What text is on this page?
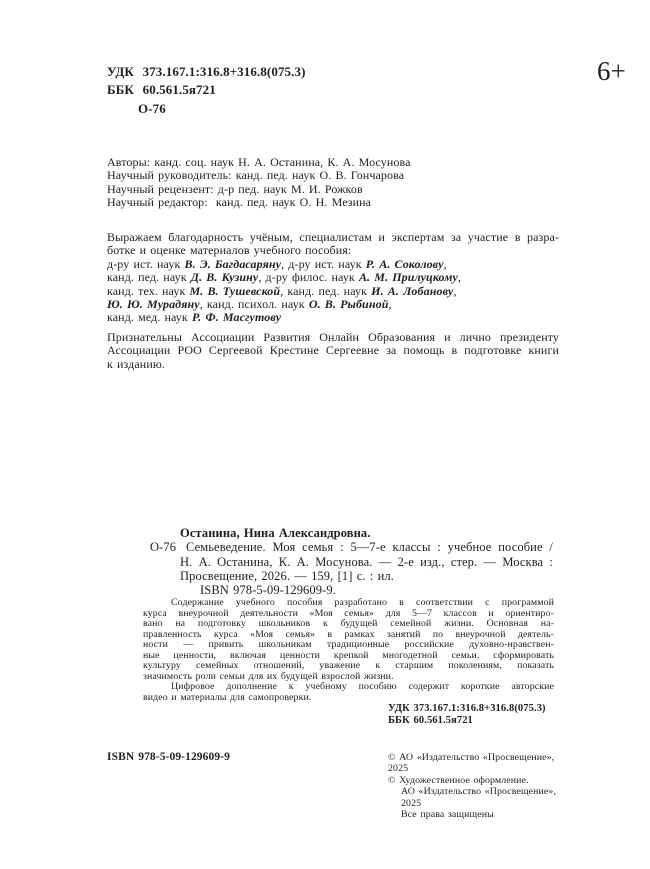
УДК  373.167.1:316.8+316.8(075.3)
ББК  60.561.5я721
О-76
6+
Авторы: канд. соц. наук Н. А. Останина, К. А. Мосунова
Научный руководитель: канд. пед. наук О. В. Гончарова
Научный рецензент: д-р пед. наук М. И. Рожков
Научный редактор:  канд. пед. наук О. Н. Мезина
Выражаем благодарность учёным, специалистам и экспертам за участие в разра-
ботке и оценке материалов учебного пособия:
д-ру ист. наук В. Э. Багдасаряну, д-ру ист. наук Р. А. Соколову,
канд. пед. наук Д. В. Кузину, д-ру филос. наук А. М. Прилуцкому,
канд. тех. наук М. В. Тушевской, канд. пед. наук И. А. Лобанову,
Ю. Ю. Мурадяну, канд. психол. наук О. В. Рыбиной,
канд. мед. наук Р. Ф. Масгутову
Признательны Ассоциации Развития Онлайн Образования и лично президенту
Ассоциации РОО Сергеевой Крестине Сергеевне за помощь в подготовке книги
к изданию.
Останина, Нина Александровна.
О-76 Семьеведение. Моя семья : 5—7-е классы : учебное пособие /
Н. А. Останина, К. А. Мосунова. — 2-е изд., стер. — Москва :
Просвещение, 2026. — 159, [1] с. : ил.
ISBN 978-5-09-129609-9.
Содержание учебного пособия разработано в соответствии с программой
курса внеурочной деятельности «Моя семья» для 5—7 классов и ориентиро-
вано на подготовку школьников к будущей семейной жизни. Основная на-
правленность курса «Моя семья» в рамках занятий по внеурочной деятель-
ности — привить школьникам традиционные российские духовно-нравствен-
ные ценности, включая ценности крепкой многодетной семьи, сформировать
культуру семейных отношений, уважение к старшим поколениям, показать
значимость роли семьи для их будущей взрослой жизни.
Цифровое дополнение к учебному пособию содержит короткие авторские
видео и материалы для самопроверки.
УДК 373.167.1:316.8+316.8(075.3)
ББК 60.561.5я721
ISBN 978-5-09-129609-9	© АО «Издательство «Просвещение», 2025
© Художественное оформление.
АО «Издательство «Просвещение», 2025
Все права защищены
